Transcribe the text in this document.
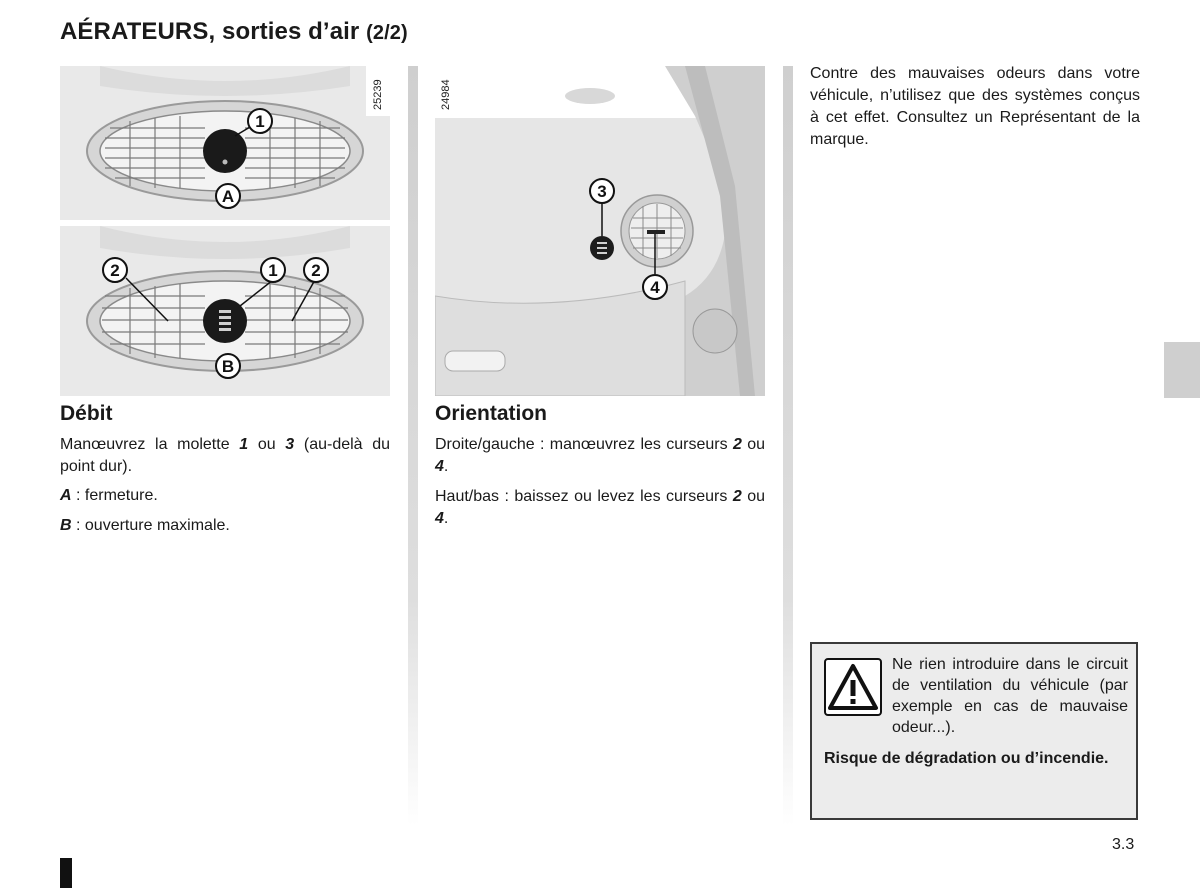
AÉRATEURS, sorties d’air (2/2)
1
A
25239
2	1 2
B
3
4
24984
Débit

Manœuvrez la molette 1 ou 3 (au-delà du point dur).

A : fermeture.

B : ouverture maximale.

Orientation

Droite/gauche : manœuvrez les curseurs 2 ou 4.

Haut/bas : baissez ou levez les curseurs 2 ou 4.

Contre des mauvaises odeurs dans votre véhicule, n’utilisez que des systèmes conçus à cet effet. Consultez un Représentant de la marque.

Ne rien introduire dans le circuit de ventilation du véhicule (par exemple en cas de mauvaise odeur...).
Risque de dégradation ou d’incendie.
3.3
